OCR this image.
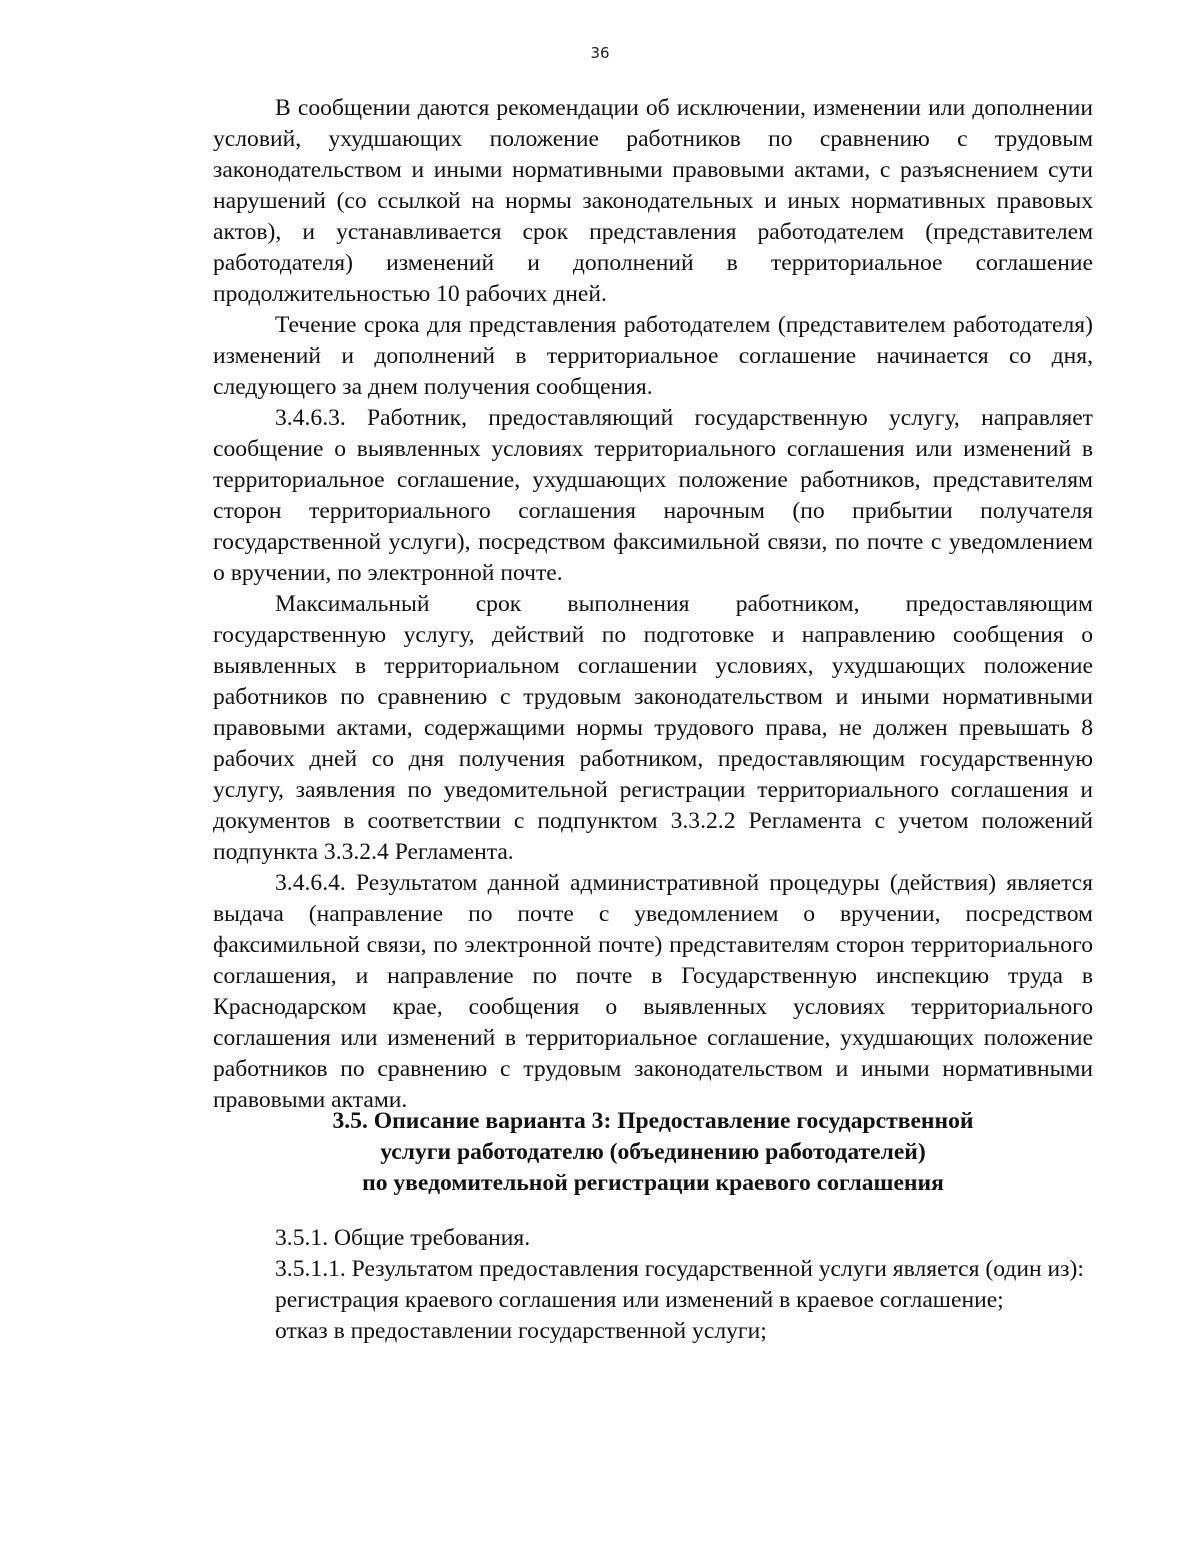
36

В сообщении даются рекомендации об исключении, изменении или дополнении условий, ухудшающих положение работников по сравнению с трудовым законодательством и иными нормативными правовыми актами, с разъяснением сути нарушений (со ссылкой на нормы законодательных и иных нормативных правовых актов), и устанавливается срок представления работодателем (представителем работодателя) изменений и дополнений в территориальное соглашение продолжительностью 10 рабочих дней.

Течение срока для представления работодателем (представителем работодателя) изменений и дополнений в территориальное соглашение начинается со дня, следующего за днем получения сообщения.

3.4.6.3. Работник, предоставляющий государственную услугу, направляет сообщение о выявленных условиях территориального соглашения или изменений в территориальное соглашение, ухудшающих положение работников, представителям сторон территориального соглашения нарочным (по прибытии получателя государственной услуги), посредством факсимильной связи, по почте с уведомлением о вручении, по электронной почте.

Максимальный срок выполнения работником, предоставляющим государственную услугу, действий по подготовке и направлению сообщения о выявленных в территориальном соглашении условиях, ухудшающих положение работников по сравнению с трудовым законодательством и иными нормативными правовыми актами, содержащими нормы трудового права, не должен превышать 8 рабочих дней со дня получения работником, предоставляющим государственную услугу, заявления по уведомительной регистрации территориального соглашения и документов в соответствии с подпунктом 3.3.2.2 Регламента с учетом положений подпункта 3.3.2.4 Регламента.

3.4.6.4. Результатом данной административной процедуры (действия) является выдача (направление по почте с уведомлением о вручении, посредством факсимильной связи, по электронной почте) представителям сторон территориального соглашения, и направление по почте в Государственную инспекцию труда в Краснодарском крае, сообщения о выявленных условиях территориального соглашения или изменений в территориальное соглашение, ухудшающих положение работников по сравнению с трудовым законодательством и иными нормативными правовыми актами.

3.5. Описание варианта 3: Предоставление государственной
услуги работодателю (объединению работодателей)
по уведомительной регистрации краевого соглашения

3.5.1. Общие требования.

3.5.1.1. Результатом предоставления государственной услуги является (один из):

регистрация краевого соглашения или изменений в краевое соглашение;

отказ в предоставлении государственной услуги;
